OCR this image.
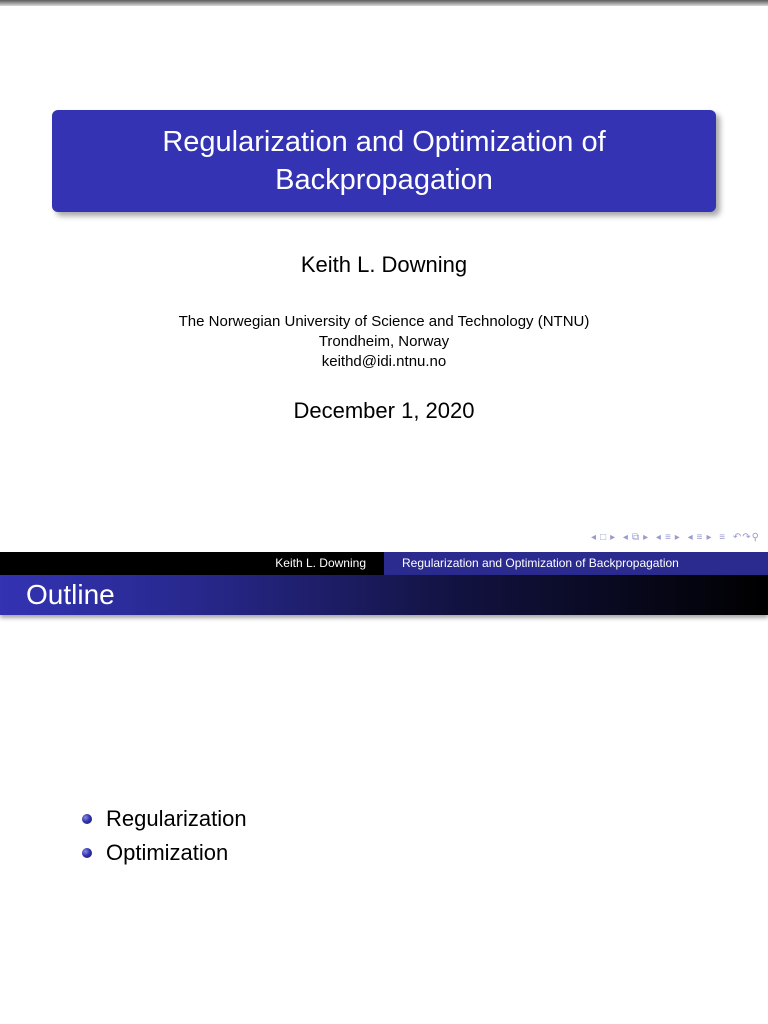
Regularization and Optimization of Backpropagation
Keith L. Downing
The Norwegian University of Science and Technology (NTNU)
Trondheim, Norway
keithd@idi.ntnu.no
December 1, 2020
◂ □ ▸ ◂ ⧉ ▸ ◂ ≡ ▸ ◂ ≡ ▸ ≡ ↶↷⚲
Keith L. Downing	Regularization and Optimization of Backpropagation
Outline
Regularization
Optimization
